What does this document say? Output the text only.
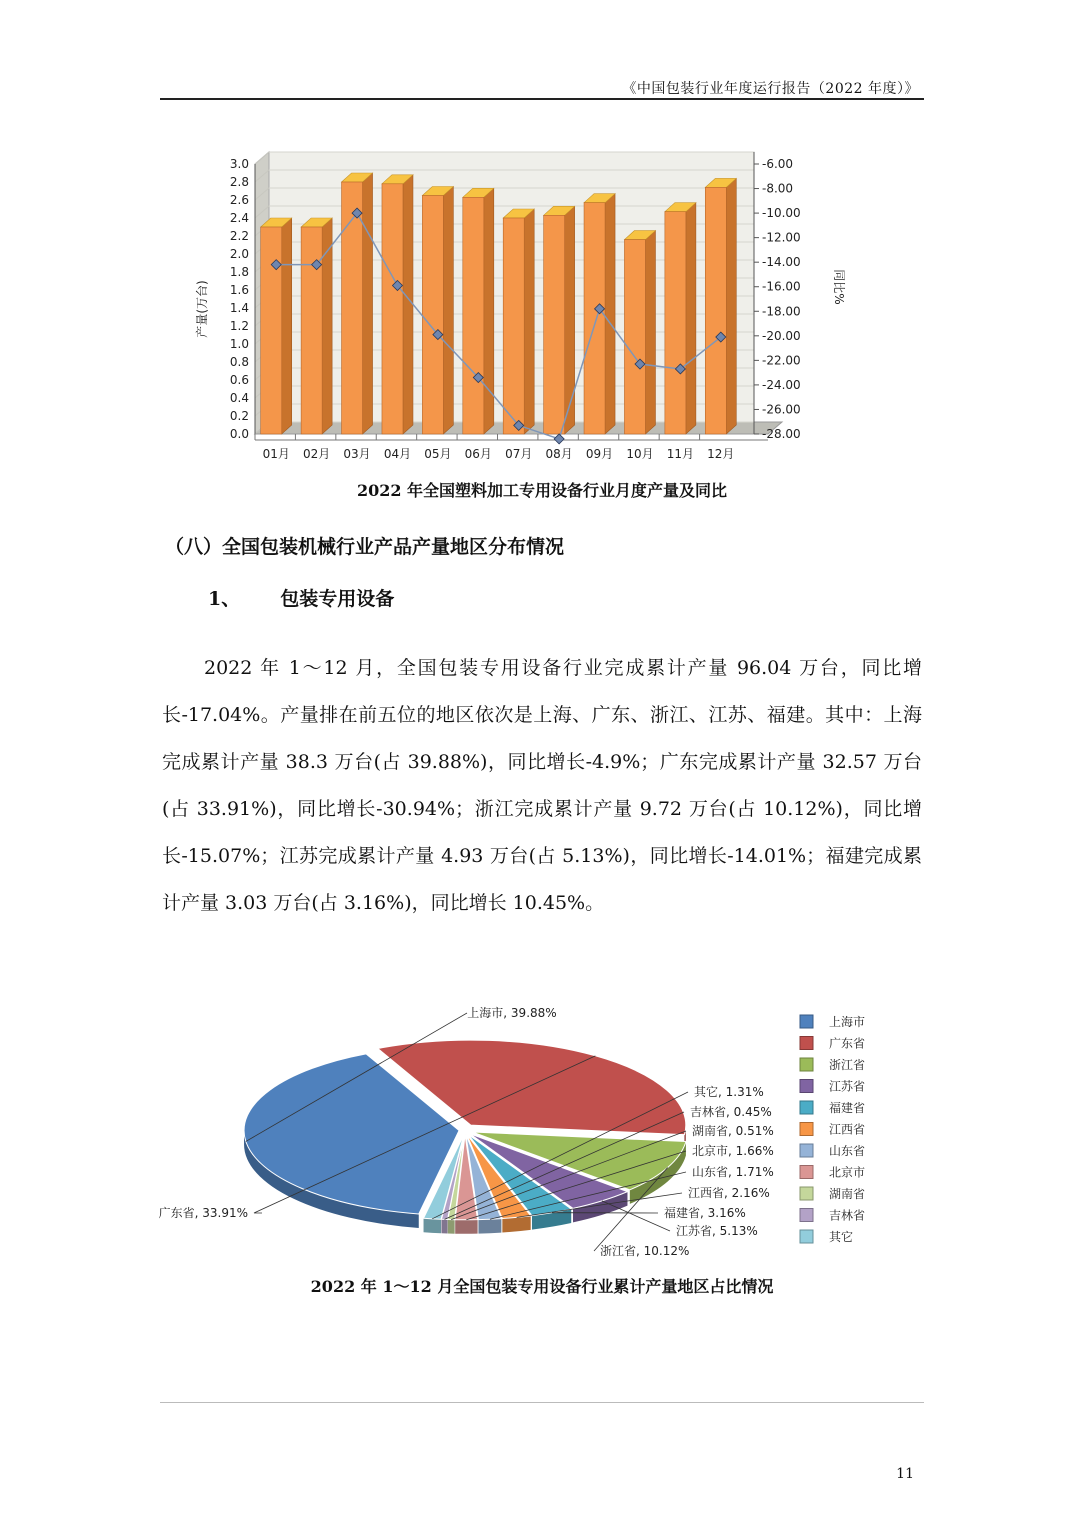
《中国包装行业年度运行报告（2022 年度）》
0.0
0.2
0.4
0.6
0.8
1.0
1.2
1.4
1.6
1.8
2.0
2.2
2.4
2.6
2.8
3.0
-28.00
-26.00
-24.00
-22.00
-20.00
-18.00
-16.00
-14.00
-12.00
-10.00
-8.00
-6.00
产量(万台)	同比%
01月 02月 03月 04月 05月 06月 07月 08月 09月 10月 11月 12月
2022 年全国塑料加工专用设备行业月度产量及同比
（八）全国包装机械行业产品产量地区分布情况
1、 包装专用设备
2022 年 1～12 月，全国包装专用设备行业完成累计产量 96.04 万台，同比增长-17.04%。产量排在前五位的地区依次是上海、广东、浙江、江苏、福建。其中：上海完成累计产量 38.3 万台(占 39.88%)，同比增长-4.9%；广东完成累计产量 32.57 万台(占 33.91%)，同比增长-30.94%；浙江完成累计产量 9.72 万台(占 10.12%)，同比增长-15.07%；江苏完成累计产量 4.93 万台(占 5.13%)，同比增长-14.01%；福建完成累计产量 3.03 万台(占 3.16%)，同比增长 10.45%。
上海市, 39.88%
广东省, 33.91%
浙江省, 10.12%
江苏省, 5.13%
福建省, 3.16%
江西省, 2.16%
山东省, 1.71%
北京市, 1.66%
湖南省, 0.51%
吉林省, 0.45%
其它, 1.31%
上海市
广东省
浙江省
江苏省
福建省
江西省
山东省
北京市
湖南省
吉林省
其它
2022 年 1～12 月全国包装专用设备行业累计产量地区占比情况
11
